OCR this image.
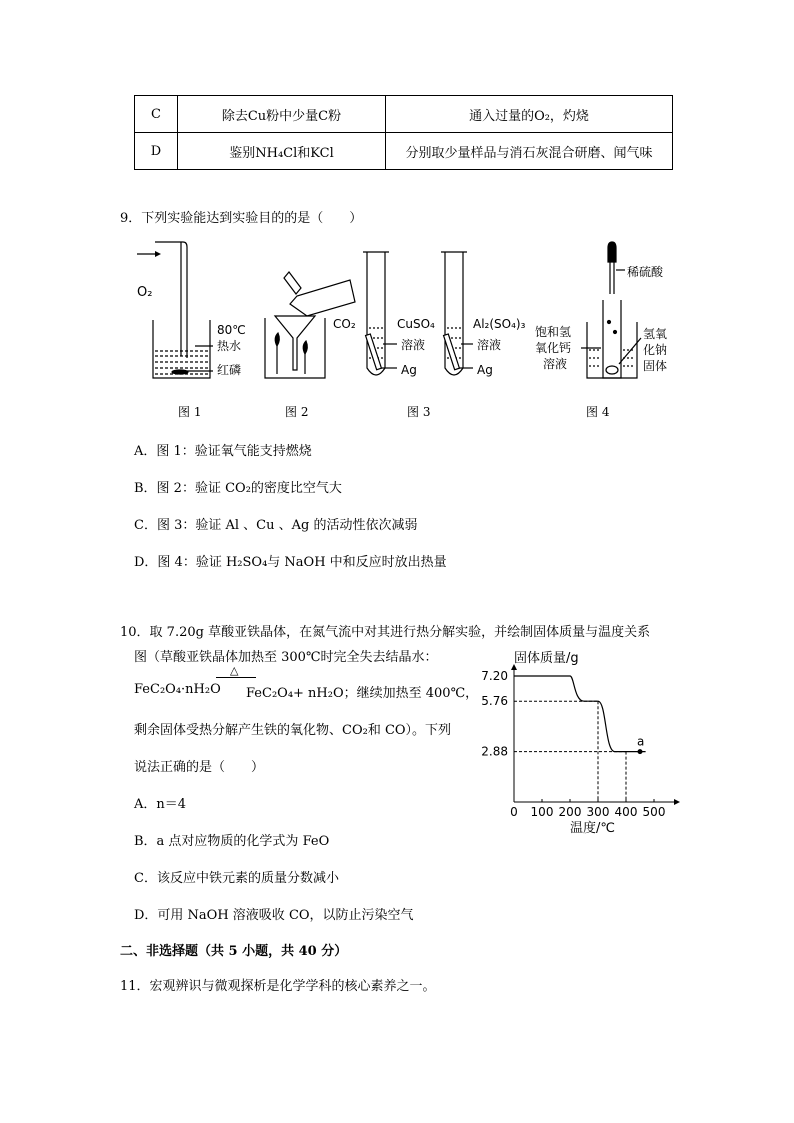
C	除去Cu粉中少量C粉	通入过量的O₂，灼烧
D	鉴别NH₄Cl和KCl	分别取少量样品与消石灰混合研磨、闻气味
9．下列实验能达到实验目的的是（　　）
O₂
80℃
热水
红磷
CO₂	CuSO₄
溶液
Ag
Al₂(SO₄)₃
溶液
Ag
稀硫酸
饱和氢
氧化钙
溶液
氢氧
化钠
固体
图 1	图 2	图 3	图 4
A．图 1：验证氧气能支持燃烧
B．图 2：验证 CO₂的密度比空气大
C．图 3：验证 Al 、Cu 、Ag 的活动性依次减弱
D．图 4：验证 H₂SO₄与 NaOH 中和反应时放出热量
10．取 7.20g 草酸亚铁晶体，在氮气流中对其进行热分解实验，并绘制固体质量与温度关系
图（草酸亚铁晶体加热至 300℃时完全失去结晶水：
△
FeC₂O₄·nH₂O FeC₂O₄+ nH₂O；继续加热至 400℃，
剩余固体受热分解产生铁的氧化物、CO₂和 CO）。下列
说法正确的是（　　）
A．n＝4
B．a 点对应物质的化学式为 FeO
C．该反应中铁元素的质量分数减小
D．可用 NaOH 溶液吸收 CO，以防止污染空气
固体质量/g
温度/℃
0 100 200 300 400 500
7.20
5.76
2.88
a
二、非选择题（共 5 小题，共 40 分）
11．宏观辨识与微观探析是化学学科的核心素养之一。
